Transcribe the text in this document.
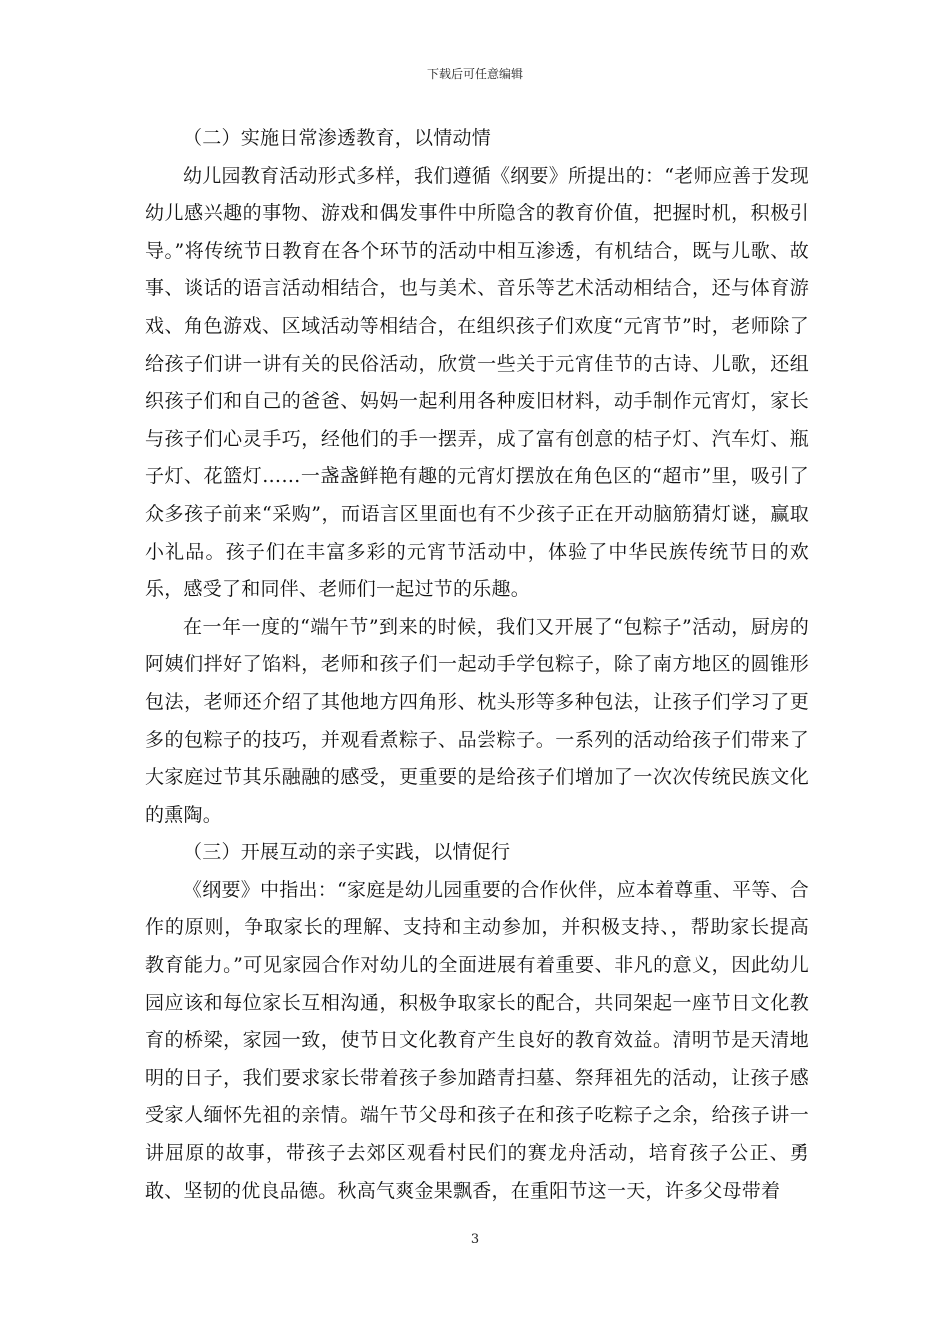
下载后可任意编辑

（二）实施日常渗透教育，以情动情

幼儿园教育活动形式多样，我们遵循《纲要》所提出的：“老师应善于发现幼儿感兴趣的事物、游戏和偶发事件中所隐含的教育价值，把握时机，积极引导。”将传统节日教育在各个环节的活动中相互渗透，有机结合，既与儿歌、故事、谈话的语言活动相结合，也与美术、音乐等艺术活动相结合，还与体育游戏、角色游戏、区域活动等相结合，在组织孩子们欢度“元宵节”时，老师除了给孩子们讲一讲有关的民俗活动，欣赏一些关于元宵佳节的古诗、儿歌，还组织孩子们和自己的爸爸、妈妈一起利用各种废旧材料，动手制作元宵灯，家长与孩子们心灵手巧，经他们的手一摆弄，成了富有创意的桔子灯、汽车灯、瓶子灯、花篮灯……一盏盏鲜艳有趣的元宵灯摆放在角色区的“超市”里，吸引了众多孩子前来“采购”，而语言区里面也有不少孩子正在开动脑筋猜灯谜，赢取小礼品。孩子们在丰富多彩的元宵节活动中，体验了中华民族传统节日的欢乐，感受了和同伴、老师们一起过节的乐趣。

在一年一度的“端午节”到来的时候，我们又开展了“包粽子”活动，厨房的阿姨们拌好了馅料，老师和孩子们一起动手学包粽子，除了南方地区的圆锥形包法，老师还介绍了其他地方四角形、枕头形等多种包法，让孩子们学习了更多的包粽子的技巧，并观看煮粽子、品尝粽子。一系列的活动给孩子们带来了大家庭过节其乐融融的感受，更重要的是给孩子们增加了一次次传统民族文化的熏陶。

（三）开展互动的亲子实践，以情促行

《纲要》中指出：“家庭是幼儿园重要的合作伙伴，应本着尊重、平等、合作的原则，争取家长的理解、支持和主动参加，并积极支持、，帮助家长提高教育能力。”可见家园合作对幼儿的全面进展有着重要、非凡的意义，因此幼儿园应该和每位家长互相沟通，积极争取家长的配合，共同架起一座节日文化教育的桥梁，家园一致，使节日文化教育产生良好的教育效益。清明节是天清地明的日子，我们要求家长带着孩子参加踏青扫墓、祭拜祖先的活动，让孩子感受家人缅怀先祖的亲情。端午节父母和孩子在和孩子吃粽子之余，给孩子讲一讲屈原的故事，带孩子去郊区观看村民们的赛龙舟活动，培育孩子公正、勇敢、坚韧的优良品德。秋高气爽金果飘香，在重阳节这一天，许多父母带着

3
